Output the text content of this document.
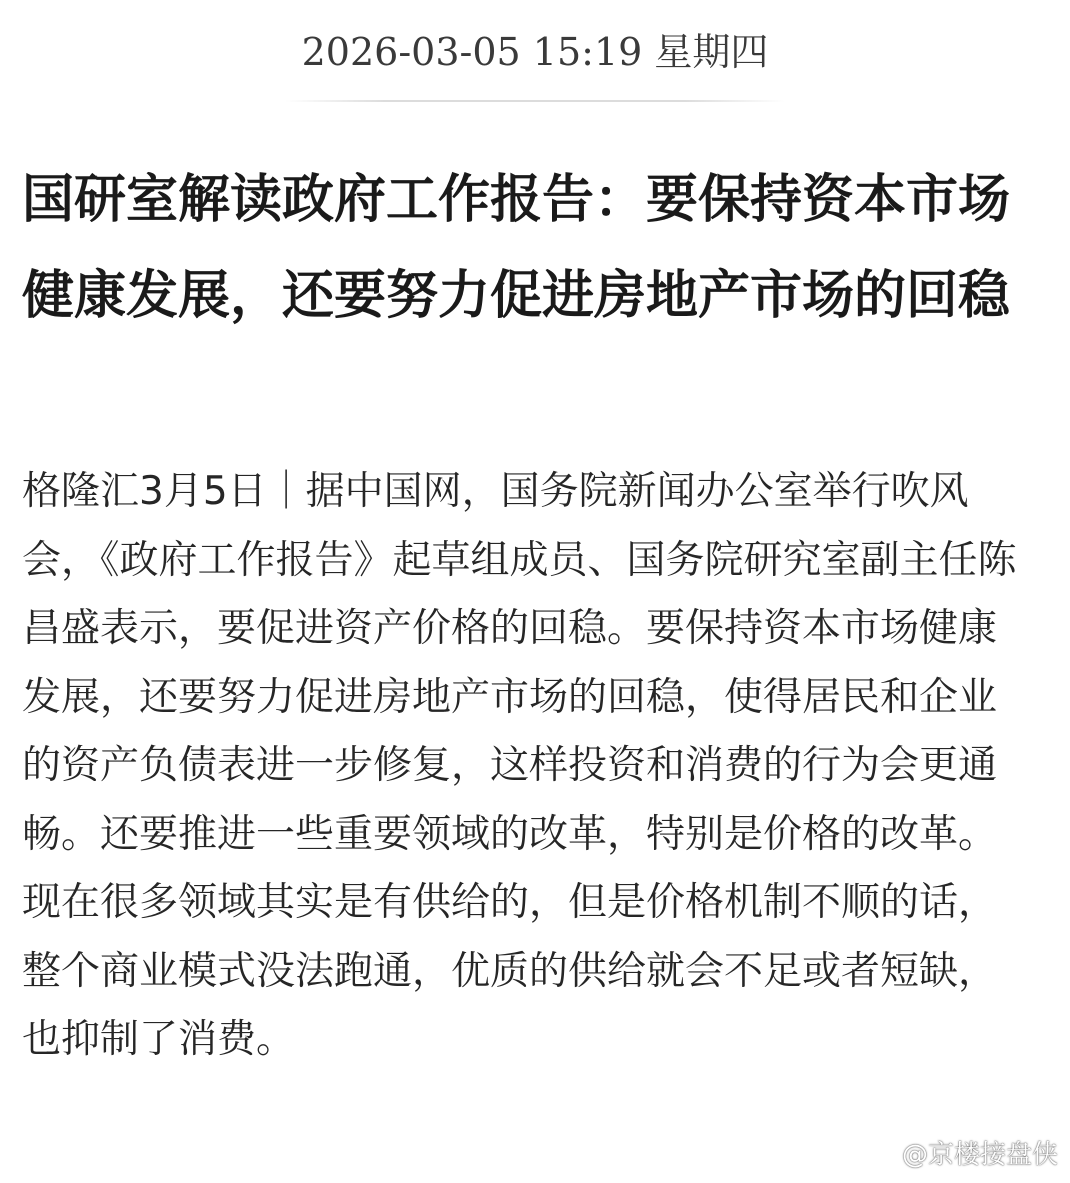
2026-03-05 15:19 星期四
国研室解读政府工作报告：要保持资本市场健康发展，还要努力促进房地产市场的回稳

格隆汇3月5日｜据中国网，国务院新闻办公室举行吹风会，《政府工作报告》起草组成员、国务院研究室副主任陈昌盛表示，要促进资产价格的回稳。要保持资本市场健康发展，还要努力促进房地产市场的回稳，使得居民和企业的资产负债表进一步修复，这样投资和消费的行为会更通畅。还要推进一些重要领域的改革，特别是价格的改革。现在很多领域其实是有供给的，但是价格机制不顺的话，整个商业模式没法跑通，优质的供给就会不足或者短缺，也抑制了消费。

@京楼接盘侠
